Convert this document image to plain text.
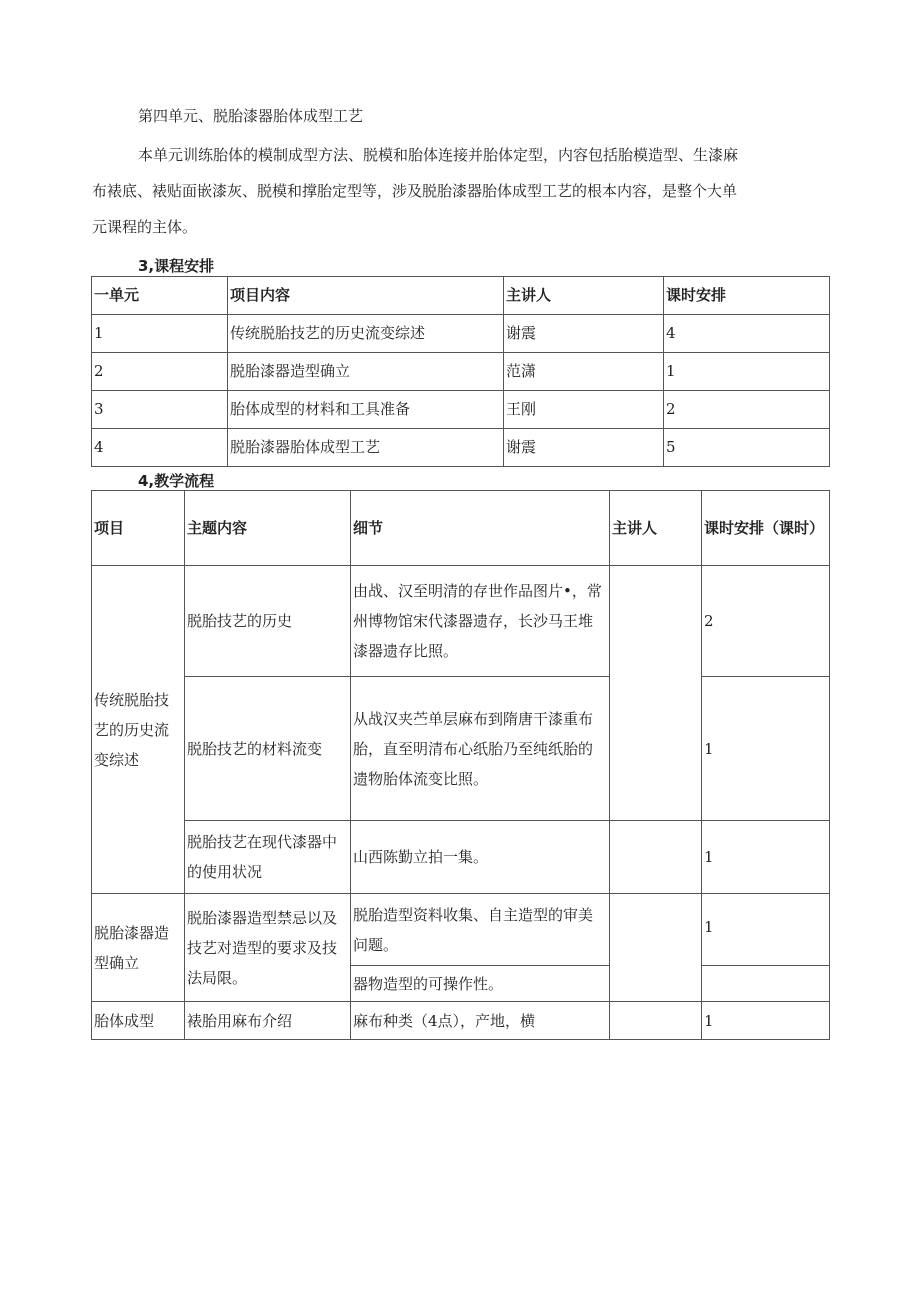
第四单元、脱胎漆器胎体成型工艺
本单元训练胎体的模制成型方法、脱模和胎体连接并胎体定型，内容包括胎模造型、生漆麻
布裱底、裱贴面嵌漆灰、脱模和撑胎定型等，涉及脱胎漆器胎体成型工艺的根本内容，是整个大单
元课程的主体。
3,课程安排
一单元	项目内容	主讲人	课时安排
1	传统脱胎技艺的历史流变综述	谢震	4
2	脱胎漆器造型确立	范潇	1
3	胎体成型的材料和工具准备	王刚	2
4	脱胎漆器胎体成型工艺	谢震	5
4,教学流程
项目	主题内容	细节	主讲人	课时安排（课时）
传统脱胎技艺的历史流变综述	脱胎技艺的历史	由战、汉至明清的存世作品图片•，常州博物馆宋代漆器遗存，长沙马王堆漆器遗存比照。		2
	脱胎技艺的材料流变	从战汉夹苎单层麻布到隋唐干漆重布胎，直至明清布心纸胎乃至纯纸胎的遗物胎体流变比照。		1
	脱胎技艺在现代漆器中的使用状况	山西陈勤立拍一集。		1
脱胎漆器造型确立	脱胎漆器造型禁忌以及技艺对造型的要求及技法局限。	脱胎造型资料收集、自主造型的审美问题。		1
		器物造型的可操作性。		
胎体成型	裱胎用麻布介绍	麻布种类（4点），产地，横		1
